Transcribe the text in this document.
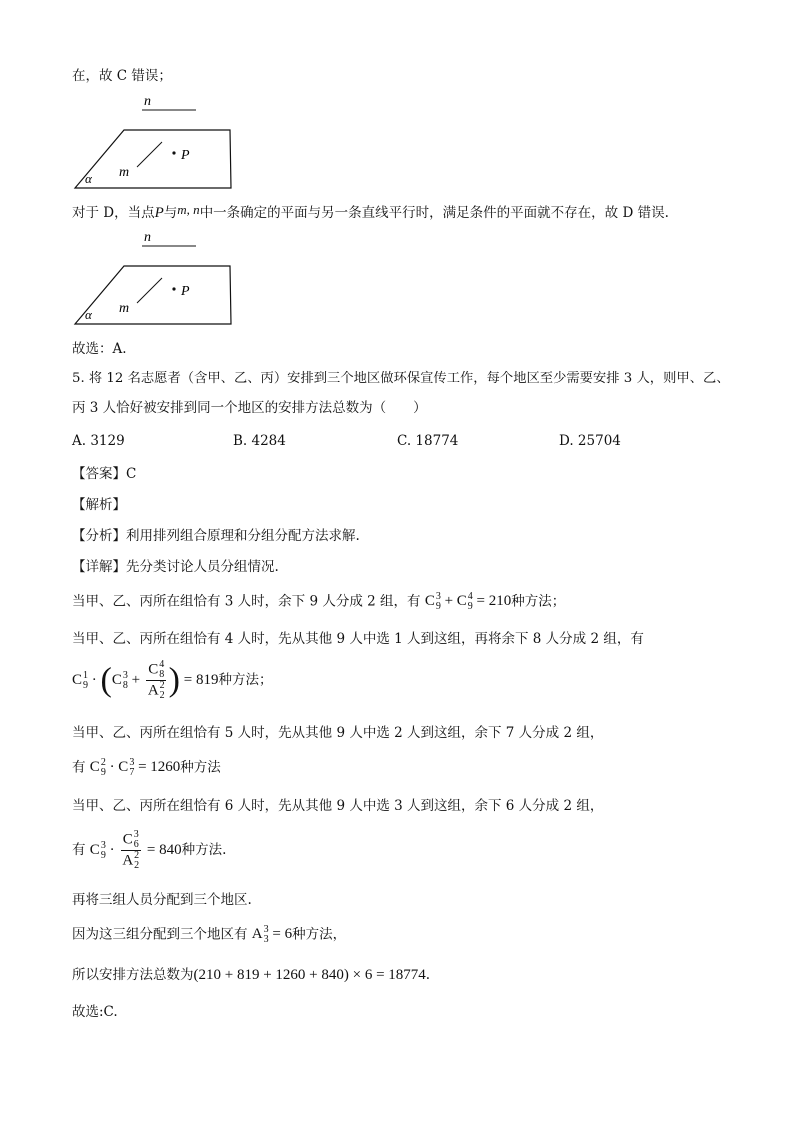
在，故 C 错误；
n
m
P
α
对于 D，当点P与m, n中一条确定的平面与另一条直线平行时，满足条件的平面就不存在，故 D 错误.
n
m
P
α
故选：A.
5. 将 12 名志愿者（含甲、乙、丙）安排到三个地区做环保宣传工作，每个地区至少需要安排 3 人，则甲、乙、
丙 3 人恰好被安排到同一个地区的安排方法总数为（　　）
A. 3129	B. 4284	C. 18774	D. 25704
【答案】C
【解析】
【分析】利用排列组合原理和分组分配方法求解.
【详解】先分类讨论人员分组情况.
当甲、乙、丙所在组恰有 3 人时，余下 9 人分成 2 组，有 C 3
9 + C 4
9 = 210种方法；
当甲、乙、丙所在组恰有 4 人时，先从其他 9 人中选 1 人到这组，再将余下 8 人分成 2 组，有
C 1
9 · (C 3
8 + C 4
8
A 2
2 ) = 819种方法；
当甲、乙、丙所在组恰有 5 人时，先从其他 9 人中选 2 人到这组，余下 7 人分成 2 组，
有 C 2
9 · C 3
7 = 1260种方法
当甲、乙、丙所在组恰有 6 人时，先从其他 9 人中选 3 人到这组，余下 6 人分成 2 组，
有 C 3
9 · C 3
6
A 2
2 = 840种方法.
再将三组人员分配到三个地区.
因为这三组分配到三个地区有 A 3
3 = 6种方法，
所以安排方法总数为(210 + 819 + 1260 + 840) × 6 = 18774.
故选:C.
